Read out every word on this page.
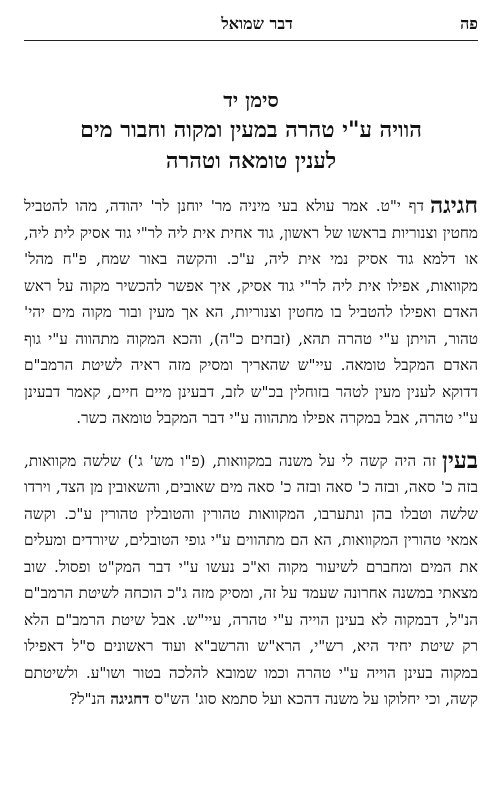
פה
דבר שמואל
סימן יד
הוויה ע"י טהרה במעין ומקוה וחבור מים
לענין טומאה וטהרה

חגיגה
דף י"ט. אמר עולא בעי מיניה מר' יוחנן לר' יהודה, מהו להטביל מחטין וצנוריות בראשו של ראשון, גוד אחית אית ליה לר"י גוד אסיק לית ליה, או דלמא גוד אסיק נמי אית ליה, ע"כ. והקשה באור שמח, פ"ח מהל' מקוואות, אפילו אית ליה לר"י גוד אסיק, איך אפשר להכשיר מקוה על ראש האדם ואפילו להטביל בו מחטין וצנוריות, הא אך מעין ובור מקוה מים יהי' טהור, הויתן ע"י טהרה תהא, (זבחים כ"ה), והכא המקוה מתהווה ע"י גוף האדם המקבל טומאה. עיי"ש שהאריך ומסיק מזה ראיה לשיטת הרמב"ם דדוקא לענין מעין לטהר בזוחלין בכ"ש לזב, דבעינן מיים חיים, קאמר דבעינן ע"י טהרה, אבל במקרה אפילו מתהווה ע"י דבר המקבל טומאה כשר.

בעין
זה היה קשה לי על משנה במקוואות, (פ"ו מש' ג') שלשה מקוואות, בזה כ' סאה, ובזה כ' סאה ובזה כ' סאה מים שאובים, והשאובין מן הצד, וירדו שלשה וטבלו בהן ונתערבו, המקוואות טהורין והטובלין טהורין ע"כ. וקשה אמאי טהורין המקוואות, הא הם מתהווים ע"י גופי הטובלים, שיורדים ומעלים את המים ומחברם לשיעור מקוה וא"כ נעשו ע"י דבר המק"ט ופסול. שוב מצאתי במשנה אחרונה שעמד על זה, ומסיק מזה ג"כ הוכחה לשיטת הרמב"ם הנ"ל, דבמקוה לא בעינן הוייה ע"י טהרה, עיי"ש. אבל שיטת הרמב"ם הלא רק שיטת יחיד היא, רש"י, הרא"ש והרשב"א ועוד ראשונים ס"ל דאפילו במקוה בעינן הוייה ע"י טהרה וכמו שמובא להלכה בטור ושו"ע. ולשיטתם קשה, וכי יחלוקו על משנה דהכא ועל סתמא סוג' הש"ס דחגיגה הנ"ל?
